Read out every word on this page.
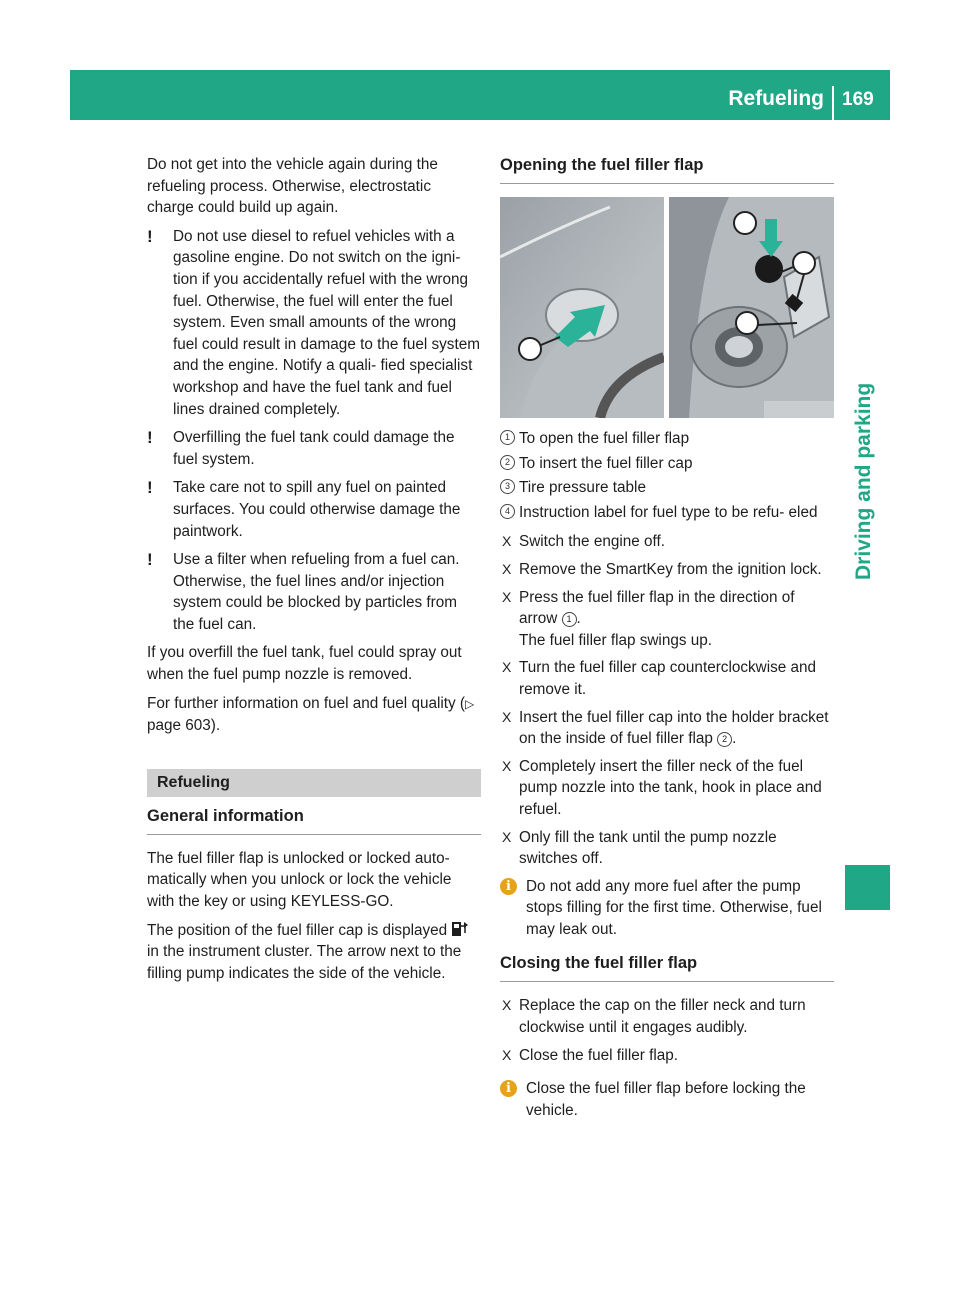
Refueling 169
Driving and parking

Do not get into the vehicle again during the refueling process. Otherwise, electrostatic charge could build up again.

! Do not use diesel to refuel vehicles with a gasoline engine. Do not switch on the igni- tion if you accidentally refuel with the wrong fuel. Otherwise, the fuel will enter the fuel system. Even small amounts of the wrong fuel could result in damage to the fuel system and the engine. Notify a quali- fied specialist workshop and have the fuel tank and fuel lines drained completely.
! Overfilling the fuel tank could damage the fuel system.
! Take care not to spill any fuel on painted surfaces. You could otherwise damage the paintwork.
! Use a filter when refueling from a fuel can. Otherwise, the fuel lines and/or injection system could be blocked by particles from the fuel can.

If you overfill the fuel tank, fuel could spray out when the fuel pump nozzle is removed.

For further information on fuel and fuel quality (▷ page 603).

Refueling
General information

The fuel filler flap is unlocked or locked auto- matically when you unlock or lock the vehicle with the key or using KEYLESS-GO.

The position of the fuel filler cap is displayed  in the instrument cluster. The arrow next to the filling pump indicates the side of the vehicle.

Opening the fuel filler flap
1 To open the fuel filler flap
2 To insert the fuel filler cap
3 Tire pressure table
4 Instruction label for fuel type to be refu- eled
X Switch the engine off.
X Remove the SmartKey from the ignition lock.
X Press the fuel filler flap in the direction of arrow 1 .
The fuel filler flap swings up.
X Turn the fuel filler cap counterclockwise and remove it.
X Insert the fuel filler cap into the holder bracket on the inside of fuel filler flap 2 .
X Completely insert the filler neck of the fuel pump nozzle into the tank, hook in place and refuel.
X Only fill the tank until the pump nozzle switches off.
i Do not add any more fuel after the pump stops filling for the first time. Otherwise, fuel may leak out.
Closing the fuel filler flap
X Replace the cap on the filler neck and turn clockwise until it engages audibly.
X Close the fuel filler flap.
i Close the fuel filler flap before locking the vehicle.
